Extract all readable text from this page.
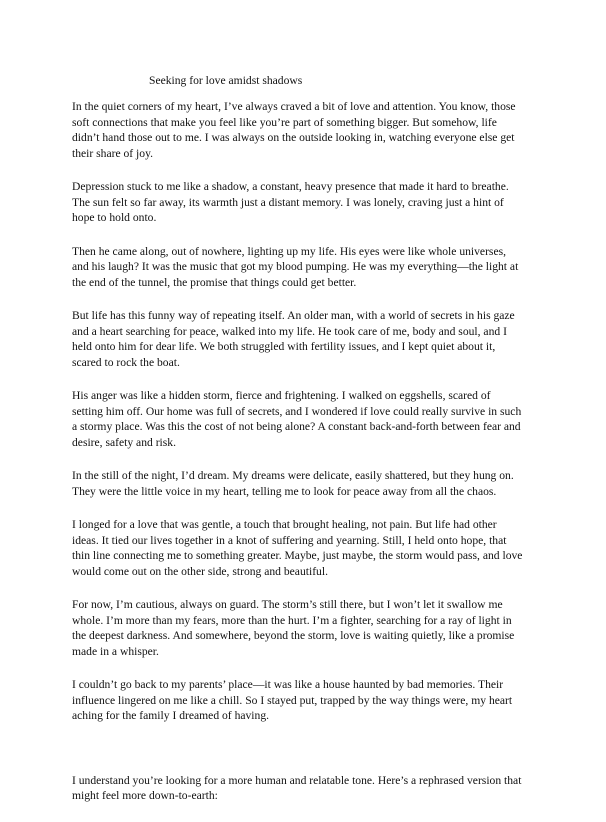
Seeking for love amidst shadows

In the quiet corners of my heart, I’ve always craved a bit of love and attention. You know, those
soft connections that make you feel like you’re part of something bigger. But somehow, life
didn’t hand those out to me. I was always on the outside looking in, watching everyone else get
their share of joy.

Depression stuck to me like a shadow, a constant, heavy presence that made it hard to breathe.
The sun felt so far away, its warmth just a distant memory. I was lonely, craving just a hint of
hope to hold onto.

Then he came along, out of nowhere, lighting up my life. His eyes were like whole universes,
and his laugh? It was the music that got my blood pumping. He was my everything—the light at
the end of the tunnel, the promise that things could get better.

But life has this funny way of repeating itself. An older man, with a world of secrets in his gaze
and a heart searching for peace, walked into my life. He took care of me, body and soul, and I
held onto him for dear life. We both struggled with fertility issues, and I kept quiet about it,
scared to rock the boat.

His anger was like a hidden storm, fierce and frightening. I walked on eggshells, scared of
setting him off. Our home was full of secrets, and I wondered if love could really survive in such
a stormy place. Was this the cost of not being alone? A constant back-and-forth between fear and
desire, safety and risk.

In the still of the night, I’d dream. My dreams were delicate, easily shattered, but they hung on.
They were the little voice in my heart, telling me to look for peace away from all the chaos.

I longed for a love that was gentle, a touch that brought healing, not pain. But life had other
ideas. It tied our lives together in a knot of suffering and yearning. Still, I held onto hope, that
thin line connecting me to something greater. Maybe, just maybe, the storm would pass, and love
would come out on the other side, strong and beautiful.

For now, I’m cautious, always on guard. The storm’s still there, but I won’t let it swallow me
whole. I’m more than my fears, more than the hurt. I’m a fighter, searching for a ray of light in
the deepest darkness. And somewhere, beyond the storm, love is waiting quietly, like a promise
made in a whisper.

I couldn’t go back to my parents’ place—it was like a house haunted by bad memories. Their
influence lingered on me like a chill. So I stayed put, trapped by the way things were, my heart
aching for the family I dreamed of having.

I understand you’re looking for a more human and relatable tone. Here’s a rephrased version that
might feel more down-to-earth:
